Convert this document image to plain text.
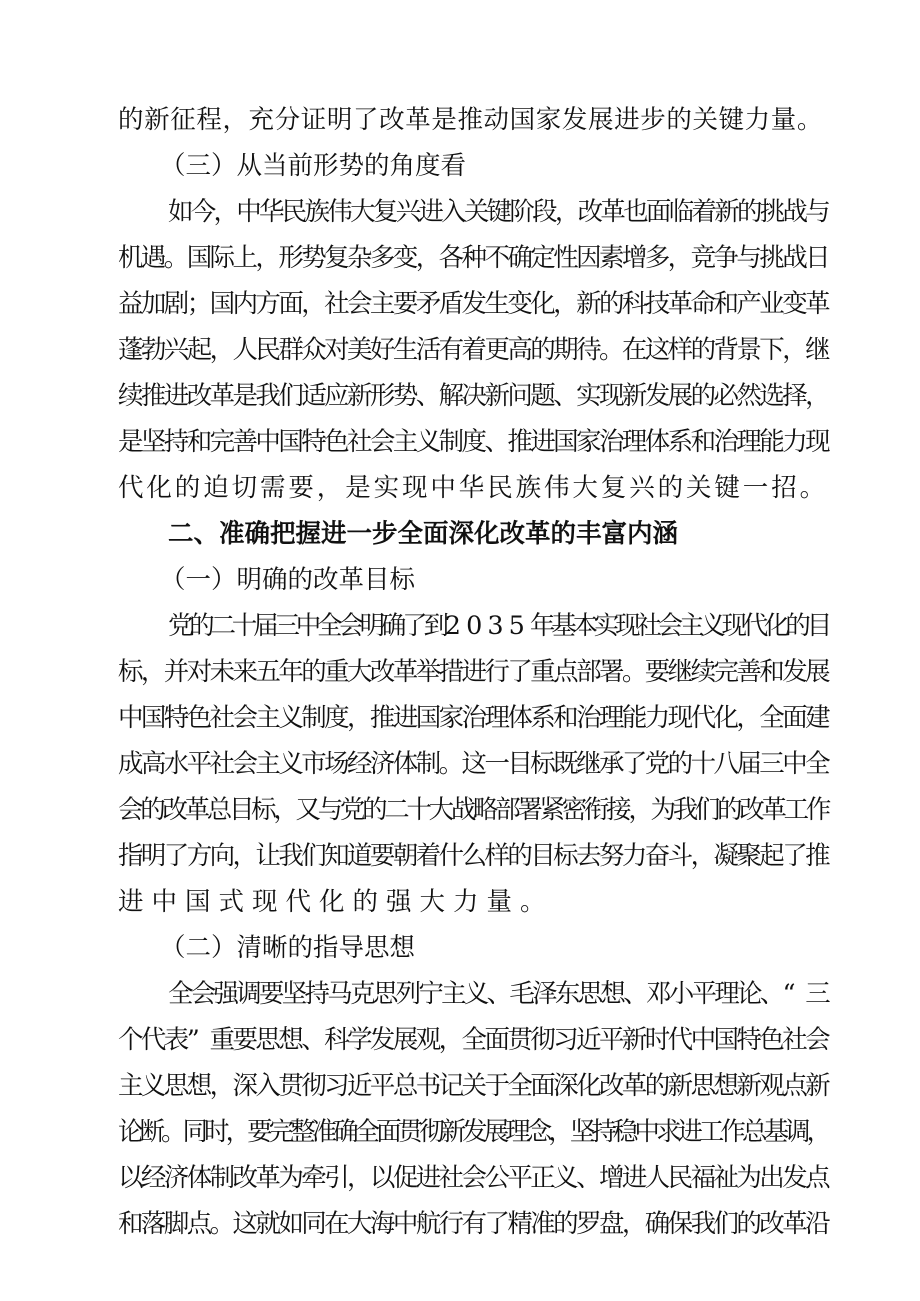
的 新 征 程 ， 充 分 证 明 了 改 革 是 推 动 国 家 发 展 进 步 的 关 键 力 量 。
（三）从当前形势的角度看
如
今
，
中
华
民
族
伟
大
复
兴
进
入
关
键
阶
段
，
改
革
也
面
临
着
新
的
挑
战
与
机
遇
。
国
际
上
，
形
势
复
杂
多
变
，
各
种
不
确
定
性
因
素
增
多
，
竞
争
与
挑
战
日
益
加
剧
；
国
内
方
面
，
社
会
主
要
矛
盾
发
生
变
化
，
新
的
科
技
革
命
和
产
业
变
革
蓬
勃
兴
起
，
人
民
群
众
对
美
好
生
活
有
着
更
高
的
期
待
。
在
这
样
的
背
景
下
，
继
续
推
进
改
革
是
我
们
适
应
新
形
势
、
解
决
新
问
题
、
实
现
新
发
展
的
必
然
选
择
，
是
坚
持
和
完
善
中
国
特
色
社
会
主
义
制
度
、
推
进
国
家
治
理
体
系
和
治
理
能
力
现
代 化 的 迫 切 需 要 ， 是 实 现 中 华 民 族 伟 大 复 兴 的 关 键 一 招 。
二、准确把握进一步全面深化改革的丰富内涵
（一）明确的改革目标
党
的
二
十
届
三
中
全
会
明
确
了
到
2 0 3 5 年
基
本
实
现
社
会
主
义
现
代
化
的
目
标
，
并
对
未
来
五
年
的
重
大
改
革
举
措
进
行
了
重
点
部
署
。
要
继
续
完
善
和
发
展
中
国
特
色
社
会
主
义
制
度
，
推
进
国
家
治
理
体
系
和
治
理
能
力
现
代
化
，
全
面
建
成
高
水
平
社
会
主
义
市
场
经
济
体
制
。
这
一
目
标
既
继
承
了
党
的
十
八
届
三
中
全
会
的
改
革
总
目
标
，
又
与
党
的
二
十
大
战
略
部
署
紧
密
衔
接
，
为
我
们
的
改
革
工
作
指
明
了
方
向
，
让
我
们
知
道
要
朝
着
什
么
样
的
目
标
去
努
力
奋
斗
，
凝
聚
起
了
推
进 中 国 式 现 代 化 的 强 大 力 量 。
（二）清晰的指导思想
全
会
强
调
要
坚
持
马
克
思
列
宁
主
义
、
毛
泽
东
思
想
、
邓
小
平
理
论
、
“ 三
个
代
表
” 重
要
思
想
、
科
学
发
展
观
，
全
面
贯
彻
习
近
平
新
时
代
中
国
特
色
社
会
主
义
思
想
，
深
入
贯
彻
习
近
平
总
书
记
关
于
全
面
深
化
改
革
的
新
思
想
新
观
点
新
论
断
。
同
时
，
要
完
整
准
确
全
面
贯
彻
新
发
展
理
念
，
坚
持
稳
中
求
进
工
作
总
基
调
，
以
经
济
体
制
改
革
为
牵
引
，
以
促
进
社
会
公
平
正
义
、
增
进
人
民
福
祉
为
出
发
点
和
落
脚
点
。
这
就
如
同
在
大
海
中
航
行
有
了
精
准
的
罗
盘
，
确
保
我
们
的
改
革
沿
